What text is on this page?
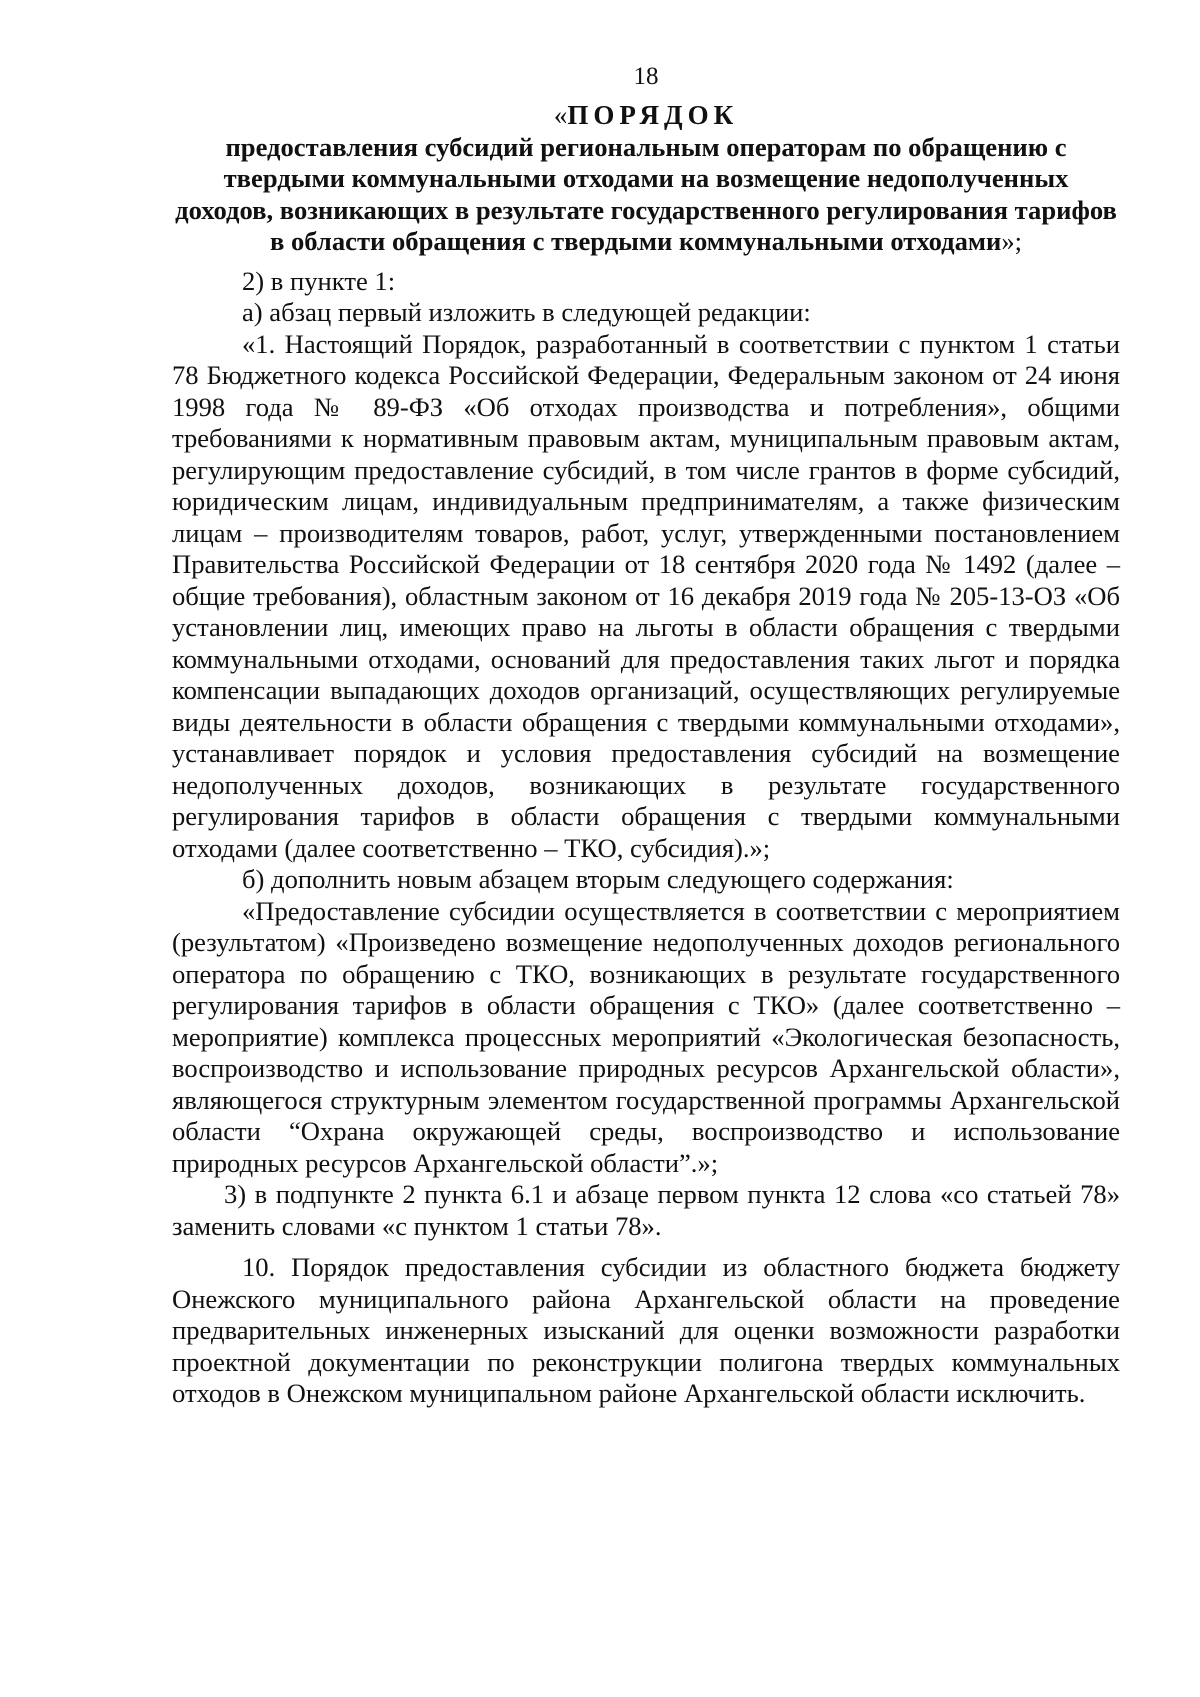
18

«ПОРЯДОК

предоставления субсидий региональным операторам по обращению с твердыми коммунальными отходами на возмещение недополученных доходов, возникающих в результате государственного регулирования тарифов в области обращения с твердыми коммунальными отходами»;

2) в пункте 1:

а) абзац первый изложить в следующей редакции:

«1. Настоящий Порядок, разработанный в соответствии с пунктом 1 статьи 78 Бюджетного кодекса Российской Федерации, Федеральным законом от 24 июня 1998 года № 89-ФЗ «Об отходах производства и потребления», общими требованиями к нормативным правовым актам, муниципальным правовым актам, регулирующим предоставление субсидий, в том числе грантов в форме субсидий, юридическим лицам, индивидуальным предпринимателям, а также физическим лицам – производителям товаров, работ, услуг, утвержденными постановлением Правительства Российской Федерации от 18 сентября 2020 года № 1492 (далее – общие требования), областным законом от 16 декабря 2019 года № 205-13-ОЗ «Об установлении лиц, имеющих право на льготы в области обращения с твердыми коммунальными отходами, оснований для предоставления таких льгот и порядка компенсации выпадающих доходов организаций, осуществляющих регулируемые виды деятельности в области обращения с твердыми коммунальными отходами», устанавливает порядок и условия предоставления субсидий на возмещение недополученных доходов, возникающих в результате государственного регулирования тарифов в области обращения с твердыми коммунальными отходами (далее соответственно – ТКО, субсидия).»;

б) дополнить новым абзацем вторым следующего содержания:

«Предоставление субсидии осуществляется в соответствии с мероприятием (результатом) «Произведено возмещение недополученных доходов регионального оператора по обращению с ТКО, возникающих в результате государственного регулирования тарифов в области обращения с ТКО» (далее соответственно – мероприятие) комплекса процессных мероприятий «Экологическая безопасность, воспроизводство и использование природных ресурсов Архангельской области», являющегося структурным элементом государственной программы Архангельской области “Охрана окружающей среды, воспроизводство и использование природных ресурсов Архангельской области”.»;

3) в подпункте 2 пункта 6.1 и абзаце первом пункта 12 слова «со статьей 78» заменить словами «с пунктом 1 статьи 78».

10. Порядок предоставления субсидии из областного бюджета бюджету Онежского муниципального района Архангельской области на проведение предварительных инженерных изысканий для оценки возможности разработки проектной документации по реконструкции полигона твердых коммунальных отходов в Онежском муниципальном районе Архангельской области исключить.
